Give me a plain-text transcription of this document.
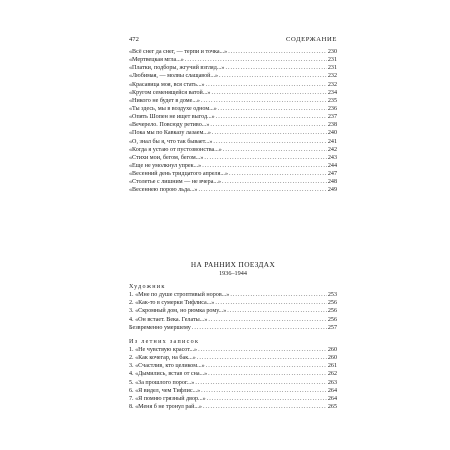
472	СОДЕРЖАНИЕ
«Всё снег да снег, — терпи и точка...» .....	230
«Мертвецкая мгла...» .....	231
«Платки, подборы, жгучий взгляд...» .....	231
«Любимая, — молвы слащавой...» .....	232
«Красавица моя, вся стать...» .....	232
«Кругом семенящейся ватой...» .....	234
«Никого не будет в доме...» .....	235
«Ты здесь, мы в воздухе одном...» .....	236
«Опять Шопен не ищет выгод...» .....	237
«Вечерело. Повсюду ретиво...» .....	238
«Пока мы по Кавказу лазаем...» .....	240
«О, знал бы я, что так бывает...» .....	241
«Когда я устаю от пустозвонства...» .....	242
«Стихи мои, бегом, бегом...» .....	243
«Еще не умолкнул упрек...» .....	244
«Весенний день тридцатого апреля...» .....	247
«Столетье с лишним — не вчера...» .....	248
«Весеннею порою льда...» .....	249
НА РАННИХ ПОЕЗДАХ
1936–1944
Художник
1. «Мне по душе строптивый норов...» .....	253
2. «Как-то в сумерки Тифлиса...» .....	256
3. «Скромный дом, но рюмка рому...» .....	256
4. «Он встает. Века. Гелаты...» .....	256
Безвременно умершему .....	257
Из летних записок
1. «Не чувствую красот...» .....	260
2. «Как кочегар, на бак...» .....	260
3. «Счастлив, кто целиком...» .....	261
4. «Дымились, встав от сна...» .....	262
5. «За прошлого порог...» .....	263
6. «Я видел, чем Тифлис...» .....	264
7. «Я помню грязный двор...» .....	264
8. «Меня б не тронул рай...» .....	265
